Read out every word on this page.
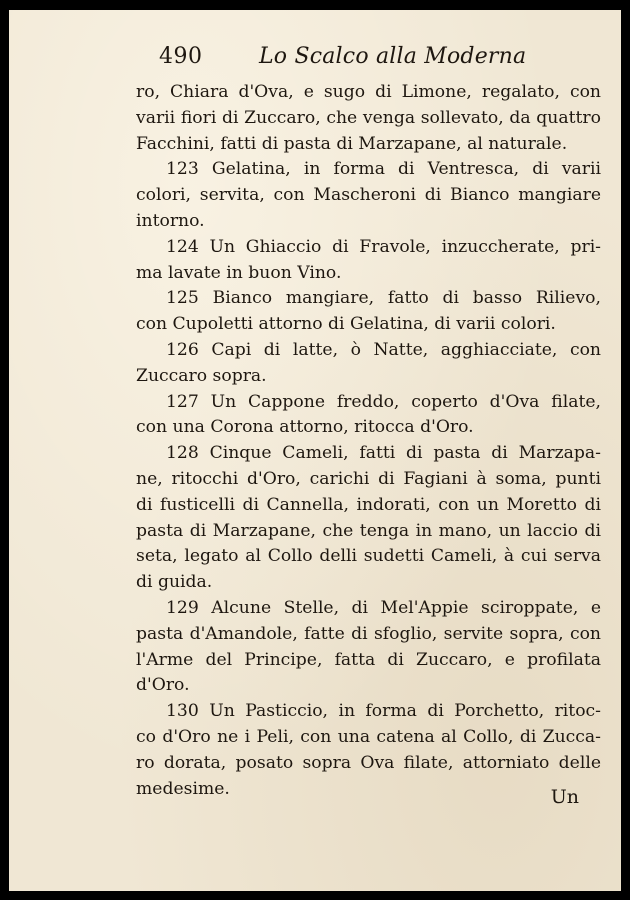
490	Lo Scalco alla Moderna
ro, Chiara d'Ova, e sugo di Limone, regalato, con
varii fiori di Zuccaro, che venga sollevato, da quattro
Facchini, fatti di pasta di Marzapane, al naturale.
123 Gelatina, in forma di Ventresca, di varii
colori, servita, con Mascheroni di Bianco mangiare
intorno.
124 Un Ghiaccio di Fravole, inzuccherate, pri-
ma lavate in buon Vino.
125 Bianco mangiare, fatto di basso Rilievo,
con Cupoletti attorno di Gelatina, di varii colori.
126 Capi di latte, ò Natte, agghiacciate, con
Zuccaro sopra.
127 Un Cappone freddo, coperto d'Ova filate,
con una Corona attorno, ritocca d'Oro.
128 Cinque Cameli, fatti di pasta di Marzapa-
ne, ritocchi d'Oro, carichi di Fagiani à soma, punti
di fusticelli di Cannella, indorati, con un Moretto di
pasta di Marzapane, che tenga in mano, un laccio di
seta, legato al Collo delli sudetti Cameli, à cui serva
di guida.
129 Alcune Stelle, di Mel'Appie sciroppate, e
pasta d'Amandole, fatte di sfoglio, servite sopra, con
l'Arme del Principe, fatta di Zuccaro, e profilata
d'Oro.
130 Un Pasticcio, in forma di Porchetto, ritoc-
co d'Oro ne i Peli, con una catena al Collo, di Zucca-
ro dorata, posato sopra Ova filate, attorniato delle
medesime.	Un
